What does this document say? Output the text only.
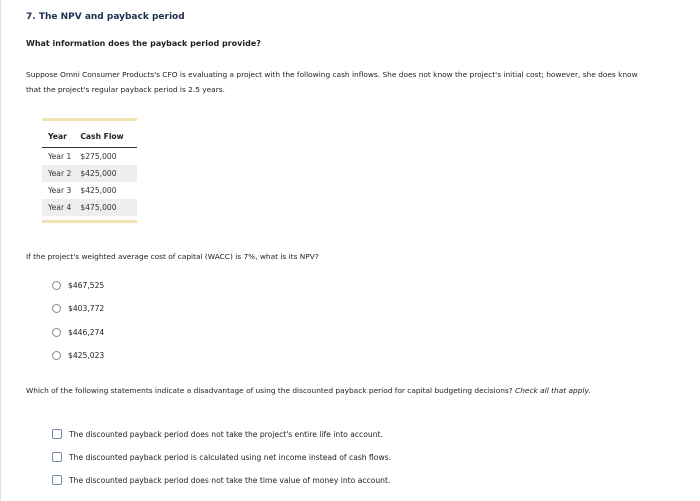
7. The NPV and payback period
What information does the payback period provide?
Suppose Omni Consumer Products's CFO is evaluating a project with the following cash inflows. She does not know the project's initial cost; however, she does know that the project's regular payback period is 2.5 years.
Year	Cash Flow
Year 1	$275,000
Year 2	$425,000
Year 3	$425,000
Year 4	$475,000
If the project's weighted average cost of capital (WACC) is 7%, what is its NPV?
$467,525
$403,772
$446,274
$425,023
Which of the following statements indicate a disadvantage of using the discounted payback period for capital budgeting decisions? Check all that apply.
The discounted payback period does not take the project's entire life into account.
The discounted payback period is calculated using net income instead of cash flows.
The discounted payback period does not take the time value of money into account.
